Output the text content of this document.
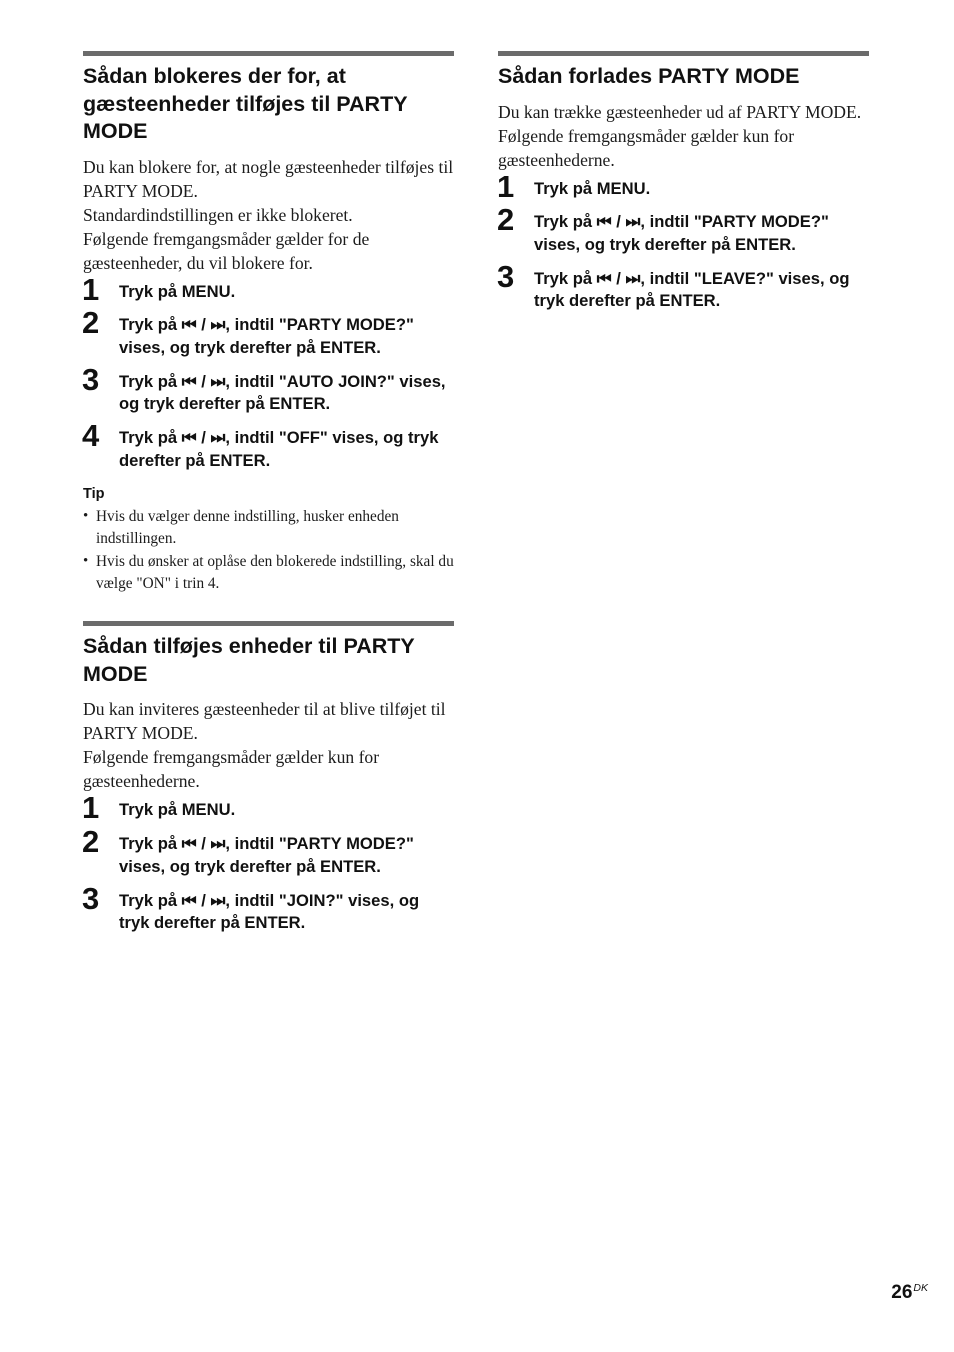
Sådan blokeres der for, at gæsteenheder tilføjes til PARTY MODE

Du kan blokere for, at nogle gæsteenheder tilføjes til PARTY MODE.

Standardindstillingen er ikke blokeret.

Følgende fremgangsmåder gælder for de gæsteenheder, du vil blokere for.

1 Tryk på MENU.
2 Tryk på ⏮ / ⏭, indtil "PARTY MODE?" vises, og tryk derefter på ENTER.
3 Tryk på ⏮ / ⏭, indtil "AUTO JOIN?" vises, og tryk derefter på ENTER.
4 Tryk på ⏮ / ⏭, indtil "OFF" vises, og tryk derefter på ENTER.
Tip
• Hvis du vælger denne indstilling, husker enheden indstillingen.
• Hvis du ønsker at oplåse den blokerede indstilling, skal du vælge "ON" i trin 4.
Sådan tilføjes enheder til PARTY MODE

Du kan inviteres gæsteenheder til at blive tilføjet til PARTY MODE.

Følgende fremgangsmåder gælder kun for gæsteenhederne.

1 Tryk på MENU.
2 Tryk på ⏮ / ⏭, indtil "PARTY MODE?" vises, og tryk derefter på ENTER.
3 Tryk på ⏮ / ⏭, indtil "JOIN?" vises, og tryk derefter på ENTER.
Sådan forlades PARTY MODE

Du kan trække gæsteenheder ud af PARTY MODE.

Følgende fremgangsmåder gælder kun for gæsteenhederne.

1 Tryk på MENU.
2 Tryk på ⏮ / ⏭, indtil "PARTY MODE?" vises, og tryk derefter på ENTER.
3 Tryk på ⏮ / ⏭, indtil "LEAVE?" vises, og tryk derefter på ENTER.
$26^{DK}$
